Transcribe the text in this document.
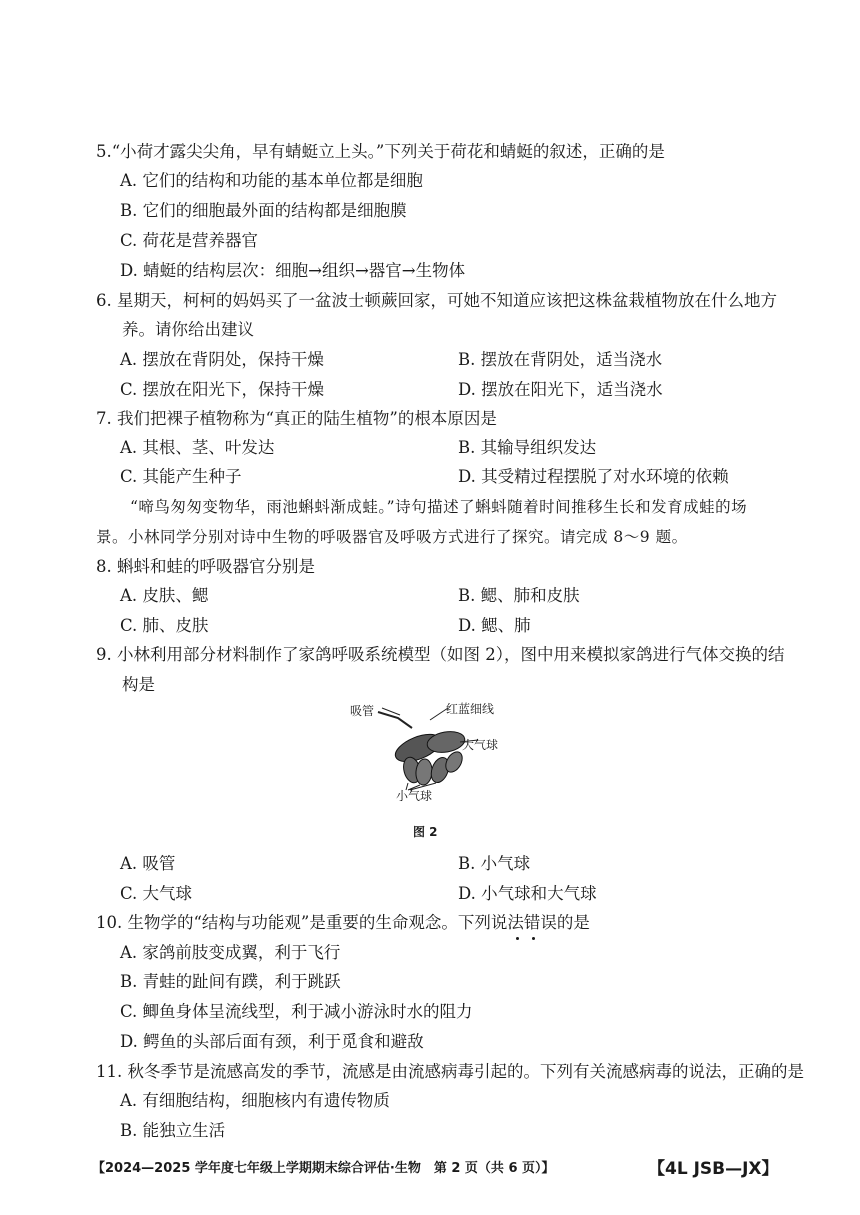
5.“小荷才露尖尖角，早有蜻蜓立上头。”下列关于荷花和蜻蜓的叙述，正确的是
A. 它们的结构和功能的基本单位都是细胞
B. 它们的细胞最外面的结构都是细胞膜
C. 荷花是营养器官
D. 蜻蜓的结构层次：细胞→组织→器官→生物体
6. 星期天，柯柯的妈妈买了一盆波士顿蕨回家，可她不知道应该把这株盆栽植物放在什么地方
养。请你给出建议
A. 摆放在背阴处，保持干燥	B. 摆放在背阴处，适当浇水
C. 摆放在阳光下，保持干燥	D. 摆放在阳光下，适当浇水
7. 我们把裸子植物称为“真正的陆生植物”的根本原因是
A. 其根、茎、叶发达	B. 其输导组织发达
C. 其能产生种子	D. 其受精过程摆脱了对水环境的依赖
“啼鸟匆匆变物华，雨池蝌蚪渐成蛙。”诗句描述了蝌蚪随着时间推移生长和发育成蛙的场
景。小林同学分别对诗中生物的呼吸器官及呼吸方式进行了探究。请完成 8～9 题。
8. 蝌蚪和蛙的呼吸器官分别是
A. 皮肤、鳃	B. 鳃、肺和皮肤
C. 肺、皮肤	D. 鳃、肺
9. 小林利用部分材料制作了家鸽呼吸系统模型（如图 2），图中用来模拟家鸽进行气体交换的结
构是
吸管	红蓝细线
大气球
小气球
图 2
A. 吸管	B. 小气球
C. 大气球	D. 小气球和大气球
10. 生物学的“结构与功能观”是重要的生命观念。下列说法错误的是
A. 家鸽前肢变成翼，利于飞行
B. 青蛙的趾间有蹼，利于跳跃
C. 鲫鱼身体呈流线型，利于减小游泳时水的阻力
D. 鳄鱼的头部后面有颈，利于觅食和避敌
11. 秋冬季节是流感高发的季节，流感是由流感病毒引起的。下列有关流感病毒的说法，正确的是
A. 有细胞结构，细胞核内有遗传物质
B. 能独立生活
【2024—2025 学年度七年级上学期期末综合评估·生物　第 2 页（共 6 页）】	【4L JSB—JX】
